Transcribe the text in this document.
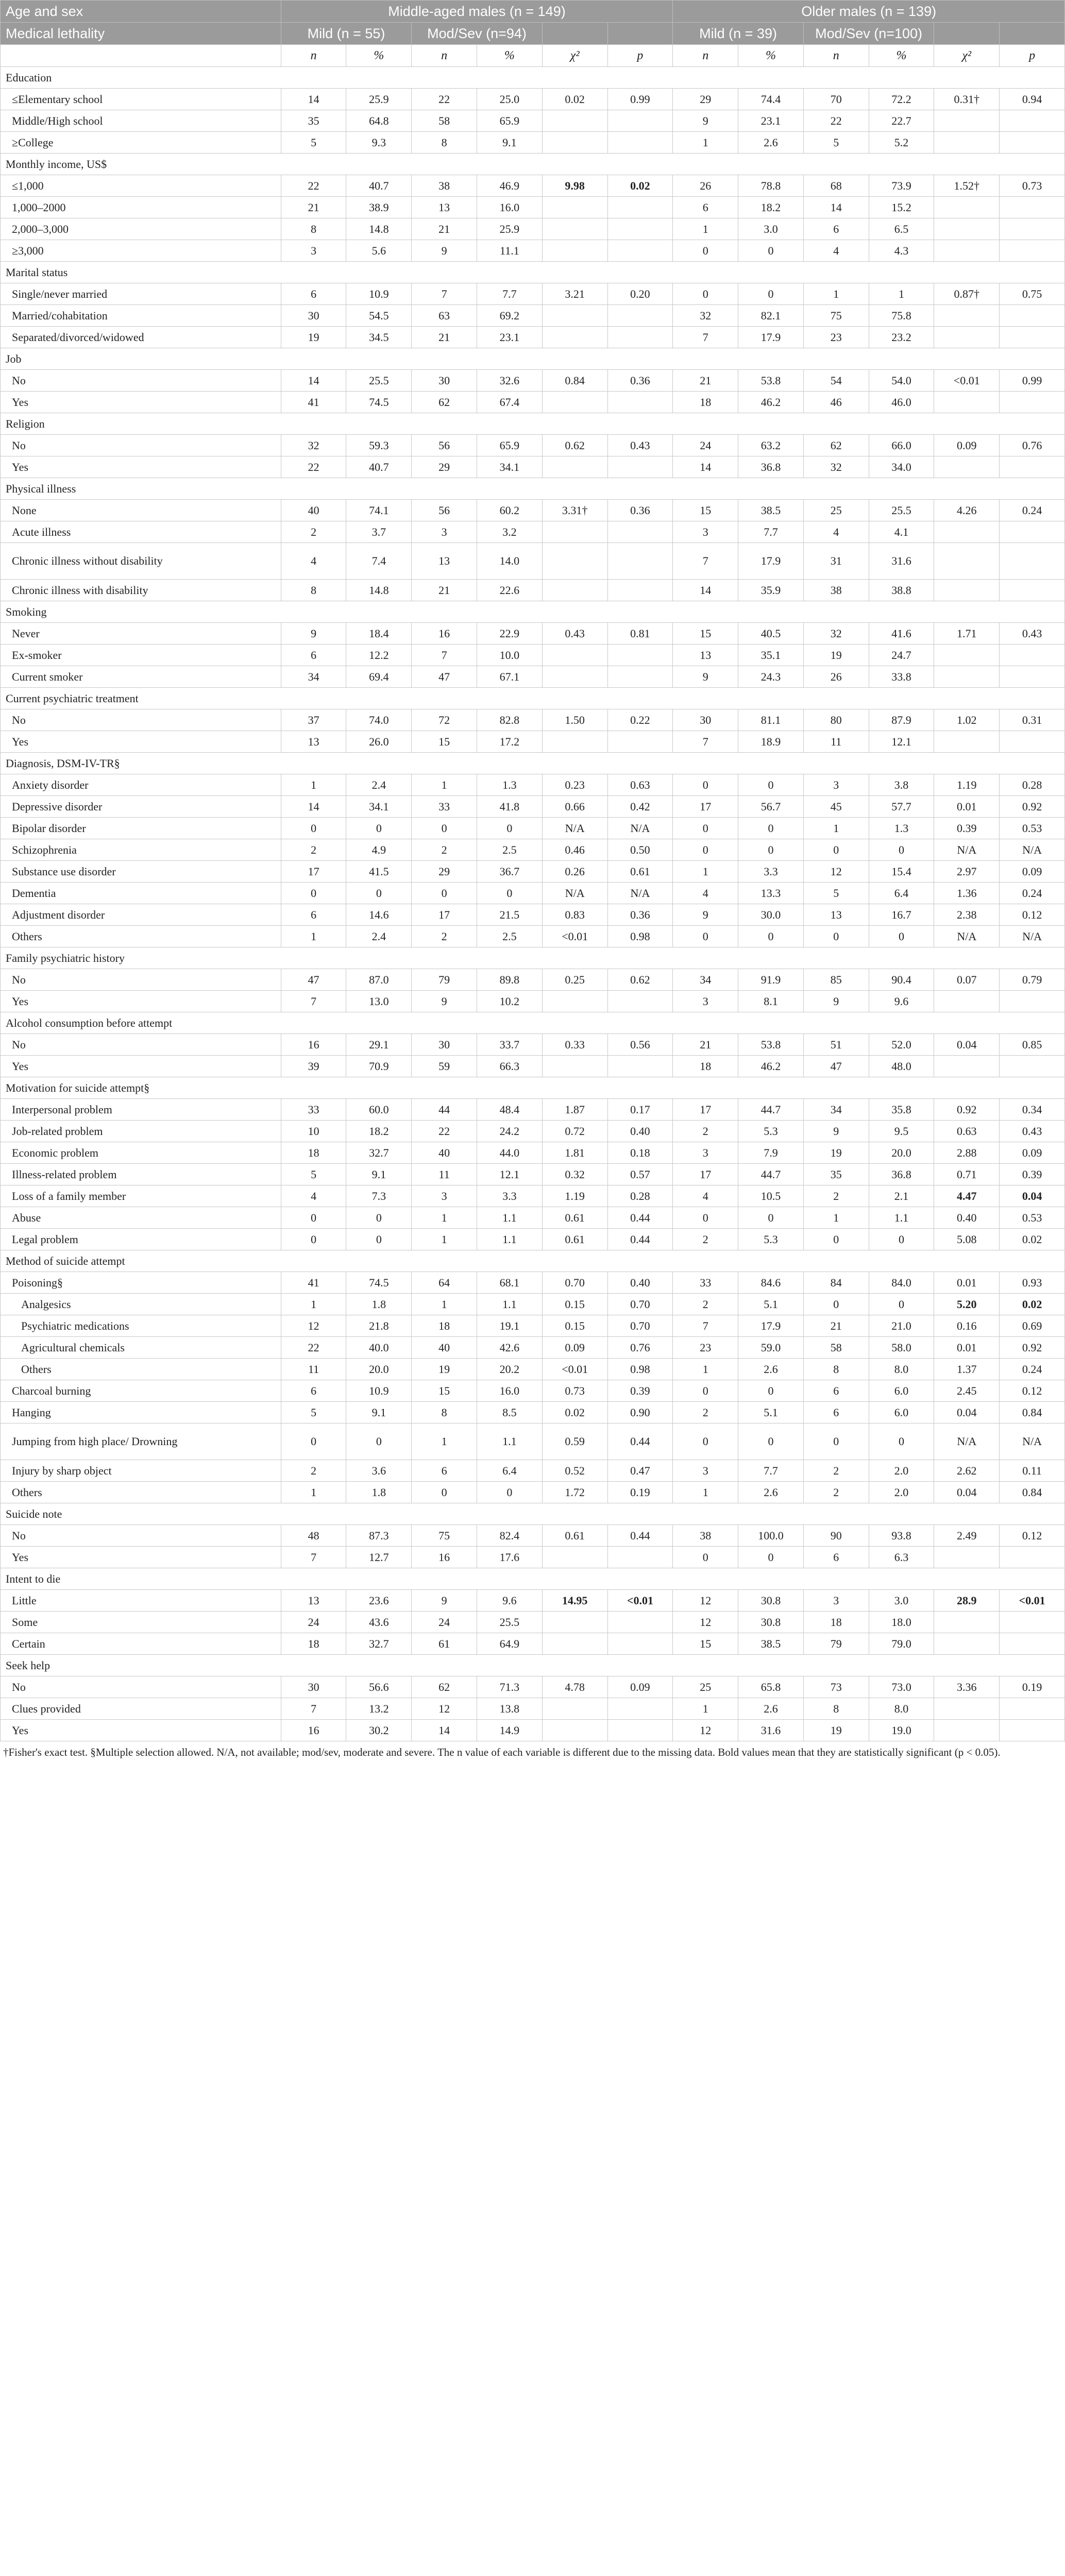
Age and sex	Middle-aged males (n = 149)						Older males (n = 139)					
Medical lethality	Mild (n = 55)		Mod/Sev (n=94)				Mild (n = 39)		Mod/Sev (n=100)			
	n	%	n	%	χ²	p	n	%	n	%	χ²	p
Education												
≤Elementary school	14	25.9	22	25.0	0.02	0.99	29	74.4	70	72.2	0.31†	0.94
Middle/High school	35	64.8	58	65.9			9	23.1	22	22.7		
≥College	5	9.3	8	9.1			1	2.6	5	5.2		
Monthly income, US$												
≤1,000	22	40.7	38	46.9	9.98	0.02	26	78.8	68	73.9	1.52†	0.73
1,000–2000	21	38.9	13	16.0			6	18.2	14	15.2		
2,000–3,000	8	14.8	21	25.9			1	3.0	6	6.5		
≥3,000	3	5.6	9	11.1			0	0	4	4.3		
Marital status												
Single/never married	6	10.9	7	7.7	3.21	0.20	0	0	1	1	0.87†	0.75
Married/cohabitation	30	54.5	63	69.2			32	82.1	75	75.8		
Separated/divorced/widowed	19	34.5	21	23.1			7	17.9	23	23.2		
Job												
No	14	25.5	30	32.6	0.84	0.36	21	53.8	54	54.0	<0.01	0.99
Yes	41	74.5	62	67.4			18	46.2	46	46.0		
Religion												
No	32	59.3	56	65.9	0.62	0.43	24	63.2	62	66.0	0.09	0.76
Yes	22	40.7	29	34.1			14	36.8	32	34.0		
Physical illness												
None	40	74.1	56	60.2	3.31†	0.36	15	38.5	25	25.5	4.26	0.24
Acute illness	2	3.7	3	3.2			3	7.7	4	4.1		
Chronic illness without disability	4	7.4	13	14.0			7	17.9	31	31.6		
Chronic illness with disability	8	14.8	21	22.6			14	35.9	38	38.8		
Smoking												
Never	9	18.4	16	22.9	0.43	0.81	15	40.5	32	41.6	1.71	0.43
Ex-smoker	6	12.2	7	10.0			13	35.1	19	24.7		
Current smoker	34	69.4	47	67.1			9	24.3	26	33.8		
Current psychiatric treatment												
No	37	74.0	72	82.8	1.50	0.22	30	81.1	80	87.9	1.02	0.31
Yes	13	26.0	15	17.2			7	18.9	11	12.1		
Diagnosis, DSM-IV-TR§												
Anxiety disorder	1	2.4	1	1.3	0.23	0.63	0	0	3	3.8	1.19	0.28
Depressive disorder	14	34.1	33	41.8	0.66	0.42	17	56.7	45	57.7	0.01	0.92
Bipolar disorder	0	0	0	0	N/A	N/A	0	0	1	1.3	0.39	0.53
Schizophrenia	2	4.9	2	2.5	0.46	0.50	0	0	0	0	N/A	N/A
Substance use disorder	17	41.5	29	36.7	0.26	0.61	1	3.3	12	15.4	2.97	0.09
Dementia	0	0	0	0	N/A	N/A	4	13.3	5	6.4	1.36	0.24
Adjustment disorder	6	14.6	17	21.5	0.83	0.36	9	30.0	13	16.7	2.38	0.12
Others	1	2.4	2	2.5	<0.01	0.98	0	0	0	0	N/A	N/A
Family psychiatric history												
No	47	87.0	79	89.8	0.25	0.62	34	91.9	85	90.4	0.07	0.79
Yes	7	13.0	9	10.2			3	8.1	9	9.6		
Alcohol consumption before attempt												
No	16	29.1	30	33.7	0.33	0.56	21	53.8	51	52.0	0.04	0.85
Yes	39	70.9	59	66.3			18	46.2	47	48.0		
Motivation for suicide attempt§												
Interpersonal problem	33	60.0	44	48.4	1.87	0.17	17	44.7	34	35.8	0.92	0.34
Job-related problem	10	18.2	22	24.2	0.72	0.40	2	5.3	9	9.5	0.63	0.43
Economic problem	18	32.7	40	44.0	1.81	0.18	3	7.9	19	20.0	2.88	0.09
Illness-related problem	5	9.1	11	12.1	0.32	0.57	17	44.7	35	36.8	0.71	0.39
Loss of a family member	4	7.3	3	3.3	1.19	0.28	4	10.5	2	2.1	4.47	0.04
Abuse	0	0	1	1.1	0.61	0.44	0	0	1	1.1	0.40	0.53
Legal problem	0	0	1	1.1	0.61	0.44	2	5.3	0	0	5.08	0.02
Method of suicide attempt												
Poisoning§	41	74.5	64	68.1	0.70	0.40	33	84.6	84	84.0	0.01	0.93
Analgesics	1	1.8	1	1.1	0.15	0.70	2	5.1	0	0	5.20	0.02
Psychiatric medications	12	21.8	18	19.1	0.15	0.70	7	17.9	21	21.0	0.16	0.69
Agricultural chemicals	22	40.0	40	42.6	0.09	0.76	23	59.0	58	58.0	0.01	0.92
Others	11	20.0	19	20.2	<0.01	0.98	1	2.6	8	8.0	1.37	0.24
Charcoal burning	6	10.9	15	16.0	0.73	0.39	0	0	6	6.0	2.45	0.12
Hanging	5	9.1	8	8.5	0.02	0.90	2	5.1	6	6.0	0.04	0.84
Jumping from high place/ Drowning	0	0	1	1.1	0.59	0.44	0	0	0	0	N/A	N/A
Injury by sharp object	2	3.6	6	6.4	0.52	0.47	3	7.7	2	2.0	2.62	0.11
Others	1	1.8	0	0	1.72	0.19	1	2.6	2	2.0	0.04	0.84
Suicide note												
No	48	87.3	75	82.4	0.61	0.44	38	100.0	90	93.8	2.49	0.12
Yes	7	12.7	16	17.6			0	0	6	6.3		
Intent to die												
Little	13	23.6	9	9.6	14.95	<0.01	12	30.8	3	3.0	28.9	<0.01
Some	24	43.6	24	25.5			12	30.8	18	18.0		
Certain	18	32.7	61	64.9			15	38.5	79	79.0		
Seek help												
No	30	56.6	62	71.3	4.78	0.09	25	65.8	73	73.0	3.36	0.19
Clues provided	7	13.2	12	13.8			1	2.6	8	8.0		
Yes	16	30.2	14	14.9			12	31.6	19	19.0		
†Fisher's exact test. §Multiple selection allowed. N/A, not available; mod/sev, moderate and severe. The n value of each variable is different due to the missing data. Bold values mean that they are statistically significant (p < 0.05).
